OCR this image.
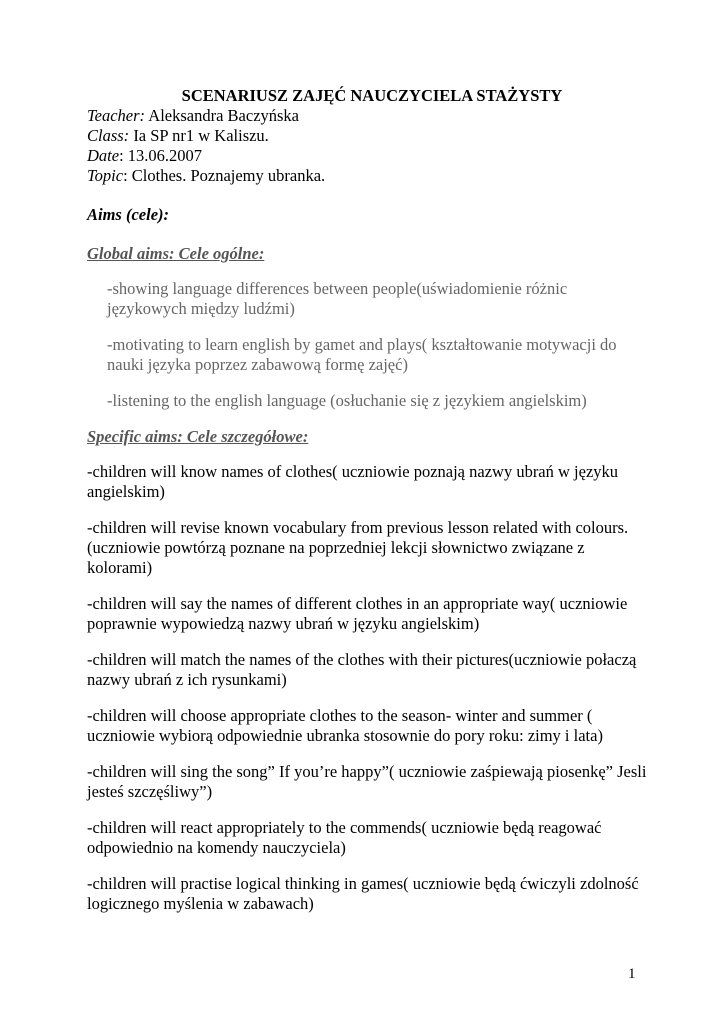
SCENARIUSZ ZAJĘĆ NAUCZYCIELA STAŻYSTY

Teacher: Aleksandra Baczyńska

Class: Ia SP nr1 w Kaliszu.

Date: 13.06.2007

Topic: Clothes. Poznajemy ubranka.

Aims (cele):

Global aims: Cele ogólne:

-showing language differences between people(uświadomienie różnic językowych między ludźmi)
-motivating to learn english by gamet and plays( kształtowanie motywacji do nauki języka poprzez zabawową formę zajęć)
-listening to the english language (osłuchanie się z językiem angielskim)

Specific aims: Cele szczegółowe:

-children will know names of clothes( uczniowie poznają nazwy ubrań w języku angielskim)
-children will revise known vocabulary from previous lesson related with colours.(uczniowie powtórzą poznane na poprzedniej lekcji słownictwo związane z kolorami)
-children will say the names of different clothes in an appropriate way( uczniowie poprawnie wypowiedzą nazwy ubrań w języku angielskim)
-children will match the names of the clothes with their pictures(uczniowie połaczą nazwy ubrań z ich rysunkami)
-children will choose appropriate clothes to the season- winter and summer ( uczniowie wybiorą odpowiednie ubranka stosownie do pory roku: zimy i lata)
-children will sing the song” If you’re happy”( uczniowie zaśpiewają piosenkę” Jesli jesteś szczęśliwy”)
-children will react appropriately to the commends( uczniowie będą reagować odpowiednio na komendy nauczyciela)
-children will practise logical thinking in games( uczniowie będą ćwiczyli zdolność logicznego myślenia w zabawach)
1
